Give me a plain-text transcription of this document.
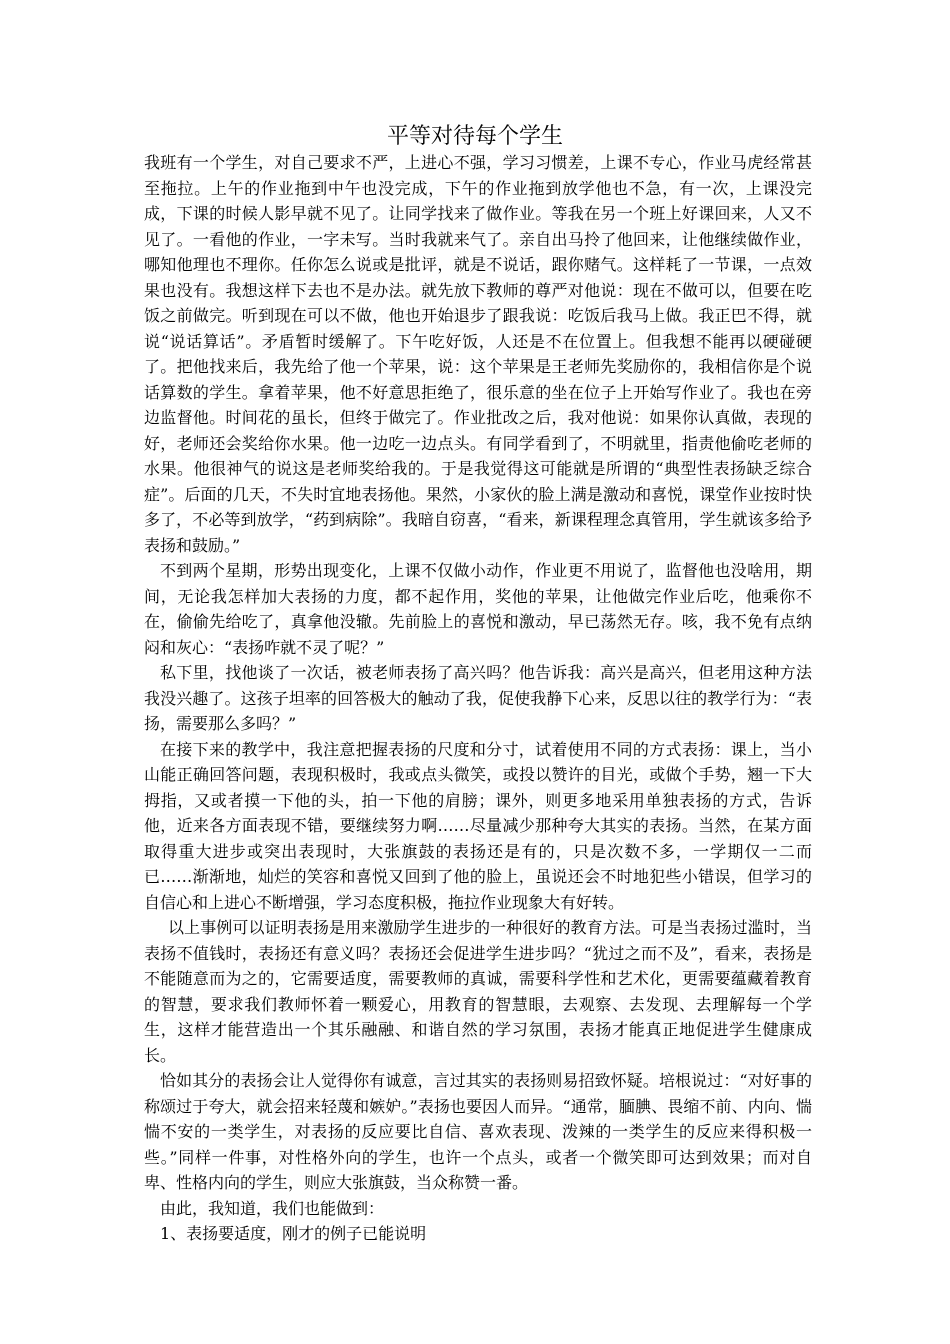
平等对待每个学生

我班有一个学生，对自己要求不严，上进心不强，学习习惯差，上课不专心，作业马虎经常甚至拖拉。上午的作业拖到中午也没完成，下午的作业拖到放学他也不急，有一次，上课没完成，下课的时候人影早就不见了。让同学找来了做作业。等我在另一个班上好课回来，人又不见了。一看他的作业，一字未写。当时我就来气了。亲自出马拎了他回来，让他继续做作业，哪知他理也不理你。任你怎么说或是批评，就是不说话，跟你赌气。这样耗了一节课，一点效果也没有。我想这样下去也不是办法。就先放下教师的尊严对他说：现在不做可以，但要在吃饭之前做完。听到现在可以不做，他也开始退步了跟我说：吃饭后我马上做。我正巴不得，就说“说话算话”。矛盾暂时缓解了。下午吃好饭，人还是不在位置上。但我想不能再以硬碰硬了。把他找来后，我先给了他一个苹果，说：这个苹果是王老师先奖励你的，我相信你是个说话算数的学生。拿着苹果，他不好意思拒绝了，很乐意的坐在位子上开始写作业了。我也在旁边监督他。时间花的虽长，但终于做完了。作业批改之后，我对他说：如果你认真做，表现的好，老师还会奖给你水果。他一边吃一边点头。有同学看到了，不明就里，指责他偷吃老师的水果。他很神气的说这是老师奖给我的。于是我觉得这可能就是所谓的“典型性表扬缺乏综合症”。后面的几天，不失时宜地表扬他。果然，小家伙的脸上满是激动和喜悦，课堂作业按时快多了，不必等到放学，“药到病除”。我暗自窃喜，“看来，新课程理念真管用，学生就该多给予表扬和鼓励。”

不到两个星期，形势出现变化，上课不仅做小动作，作业更不用说了，监督他也没啥用，期间，无论我怎样加大表扬的力度，都不起作用，奖他的苹果，让他做完作业后吃，他乘你不在，偷偷先给吃了，真拿他没辙。先前脸上的喜悦和激动，早已荡然无存。咳，我不免有点纳闷和灰心：“表扬咋就不灵了呢？”

私下里，找他谈了一次话，被老师表扬了高兴吗？他告诉我：高兴是高兴，但老用这种方法我没兴趣了。这孩子坦率的回答极大的触动了我，促使我静下心来，反思以往的教学行为：“表扬，需要那么多吗？”

在接下来的教学中，我注意把握表扬的尺度和分寸，试着使用不同的方式表扬：课上，当小山能正确回答问题，表现积极时，我或点头微笑，或投以赞许的目光，或做个手势，翘一下大拇指，又或者摸一下他的头，拍一下他的肩膀；课外，则更多地采用单独表扬的方式，告诉他，近来各方面表现不错，要继续努力啊……尽量减少那种夸大其实的表扬。当然，在某方面取得重大进步或突出表现时，大张旗鼓的表扬还是有的，只是次数不多，一学期仅一二而已……渐渐地，灿烂的笑容和喜悦又回到了他的脸上，虽说还会不时地犯些小错误，但学习的自信心和上进心不断增强，学习态度积极，拖拉作业现象大有好转。

以上事例可以证明表扬是用来激励学生进步的一种很好的教育方法。可是当表扬过滥时，当表扬不值钱时，表扬还有意义吗？表扬还会促进学生进步吗？“犹过之而不及”，看来，表扬是不能随意而为之的，它需要适度，需要教师的真诚，需要科学性和艺术化，更需要蕴藏着教育的智慧，要求我们教师怀着一颗爱心，用教育的智慧眼，去观察、去发现、去理解每一个学生，这样才能营造出一个其乐融融、和谐自然的学习氛围，表扬才能真正地促进学生健康成长。

恰如其分的表扬会让人觉得你有诚意，言过其实的表扬则易招致怀疑。培根说过：“对好事的称颂过于夸大，就会招来轻蔑和嫉妒。”表扬也要因人而异。“通常，腼腆、畏缩不前、内向、惴惴不安的一类学生，对表扬的反应要比自信、喜欢表现、泼辣的一类学生的反应来得积极一些。”同样一件事，对性格外向的学生，也许一个点头，或者一个微笑即可达到效果；而对自卑、性格内向的学生，则应大张旗鼓，当众称赞一番。

由此，我知道，我们也能做到：

1、表扬要适度，刚才的例子已能说明
